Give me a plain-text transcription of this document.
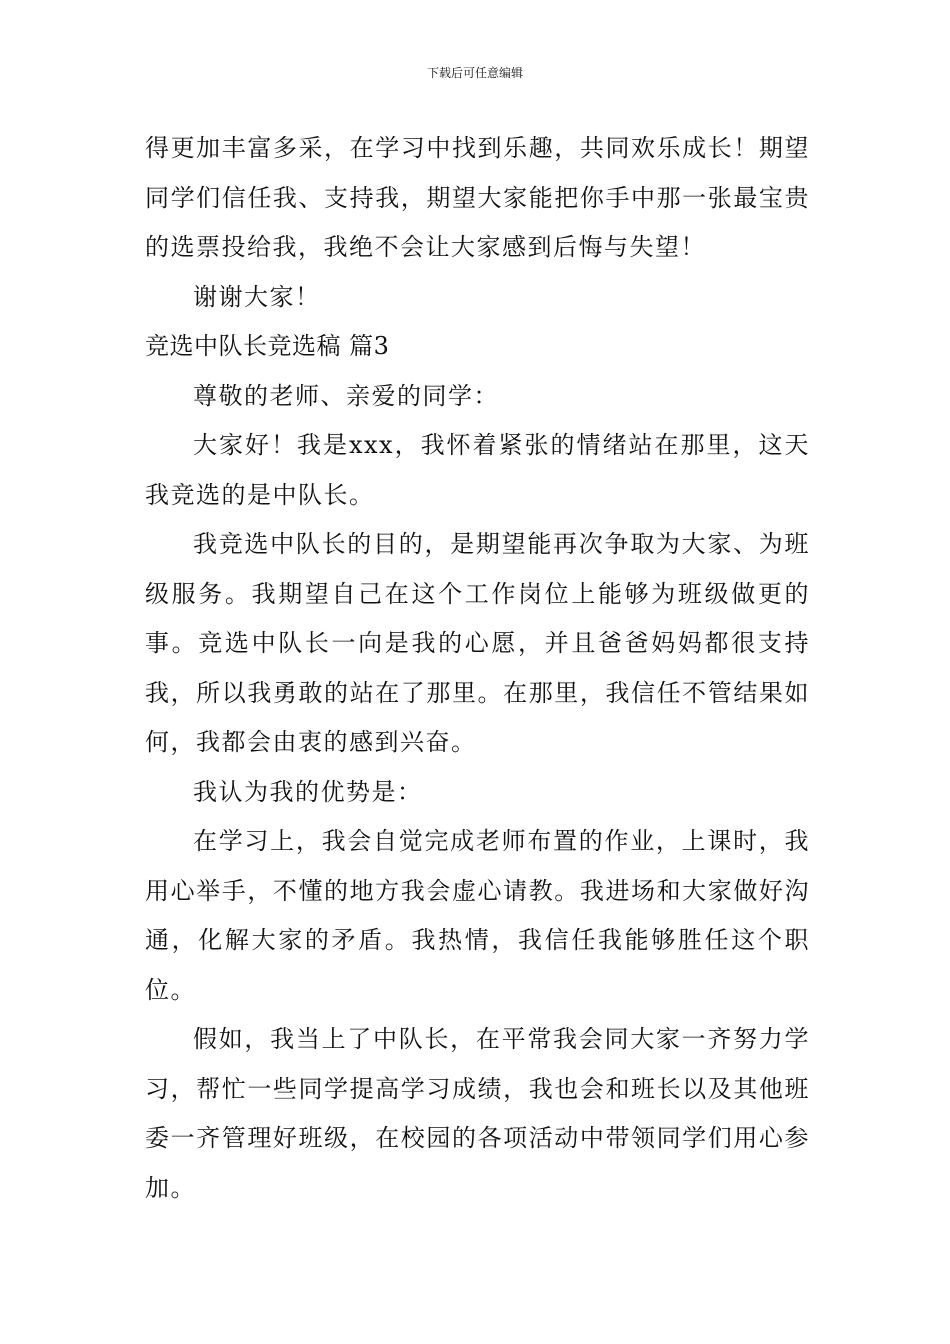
下载后可任意编辑

得更加丰富多采，在学习中找到乐趣，共同欢乐成长！期望同学们信任我、支持我，期望大家能把你手中那一张最宝贵的选票投给我，我绝不会让大家感到后悔与失望！

谢谢大家！

竞选中队长竞选稿 篇3

尊敬的老师、亲爱的同学：

大家好！我是xxx，我怀着紧张的情绪站在那里，这天我竞选的是中队长。

我竞选中队长的目的，是期望能再次争取为大家、为班级服务。我期望自己在这个工作岗位上能够为班级做更的事。竞选中队长一向是我的心愿，并且爸爸妈妈都很支持我，所以我勇敢的站在了那里。在那里，我信任不管结果如何，我都会由衷的感到兴奋。

我认为我的优势是：

在学习上，我会自觉完成老师布置的作业，上课时，我用心举手，不懂的地方我会虚心请教。我进场和大家做好沟通，化解大家的矛盾。我热情，我信任我能够胜任这个职位。

假如，我当上了中队长，在平常我会同大家一齐努力学习，帮忙一些同学提高学习成绩，我也会和班长以及其他班委一齐管理好班级，在校园的各项活动中带领同学们用心参加。
